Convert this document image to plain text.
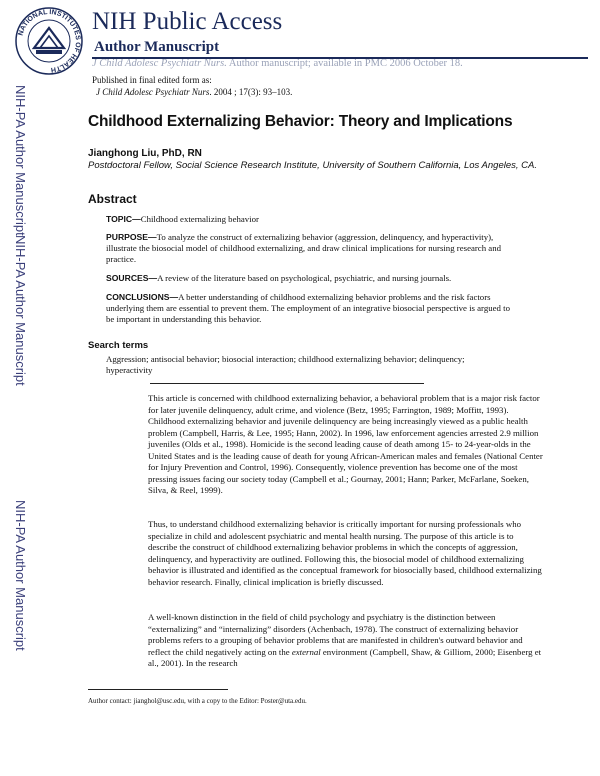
NATIONAL INSTITUTES OF HEALTH
NIH Public Access
Author Manuscript
J Child Adolesc Psychiatr Nurs. Author manuscript; available in PMC 2006 October 18.
Published in final edited form as:
J Child Adolesc Psychiatr Nurs. 2004 ; 17(3): 93–103.
NIH-PA Author Manuscript
NIH-PA Author Manuscript
NIH-PA Author Manuscript
Childhood Externalizing Behavior: Theory and Implications
Jianghong Liu, PhD, RN
Postdoctoral Fellow, Social Science Research Institute, University of Southern California, Los Angeles, CA.
Abstract
TOPIC—Childhood externalizing behavior
PURPOSE—To analyze the construct of externalizing behavior (aggression, delinquency, and hyperactivity), illustrate the biosocial model of childhood externalizing, and draw clinical implications for nursing research and practice.
SOURCES—A review of the literature based on psychological, psychiatric, and nursing journals.
CONCLUSIONS—A better understanding of childhood externalizing behavior problems and the risk factors underlying them are essential to prevent them. The employment of an integrative biosocial perspective is argued to be important in understanding this behavior.
Search terms
Aggression; antisocial behavior; biosocial interaction; childhood externalizing behavior; delinquency; hyperactivity
This article is concerned with childhood externalizing behavior, a behavioral problem that is a major risk factor for later juvenile delinquency, adult crime, and violence (Betz, 1995; Farrington, 1989; Moffitt, 1993). Childhood externalizing behavior and juvenile delinquency are being increasingly viewed as a public health problem (Campbell, Harris, & Lee, 1995; Hann, 2002). In 1996, law enforcement agencies arrested 2.9 million juveniles (Olds et al., 1998). Homicide is the second leading cause of death among 15- to 24-year-olds in the United States and is the leading cause of death for young African-American males and females (National Center for Injury Prevention and Control, 1996). Consequently, violence prevention has become one of the most pressing issues facing our society today (Campbell et al.; Gournay, 2001; Hann; Parker, McFarlane, Soeken, Silva, & Reel, 1999).
Thus, to understand childhood externalizing behavior is critically important for nursing professionals who specialize in child and adolescent psychiatric and mental health nursing. The purpose of this article is to describe the construct of childhood externalizing behavior problems in which the concepts of aggression, delinquency, and hyperactivity are outlined. Following this, the biosocial model of childhood externalizing behavior is illustrated and identified as the conceptual framework for biosocially based, childhood externalizing behavior research. Finally, clinical implication is briefly discussed.
A well-known distinction in the field of child psychology and psychiatry is the distinction between “externalizing” and “internalizing” disorders (Achenbach, 1978). The construct of externalizing behavior problems refers to a grouping of behavior problems that are manifested in children's outward behavior and reflect the child negatively acting on the external environment (Campbell, Shaw, & Gilliom, 2000; Eisenberg et al., 2001). In the research
Author contact: jianghol@usc.edu, with a copy to the Editor: Poster@uta.edu.
